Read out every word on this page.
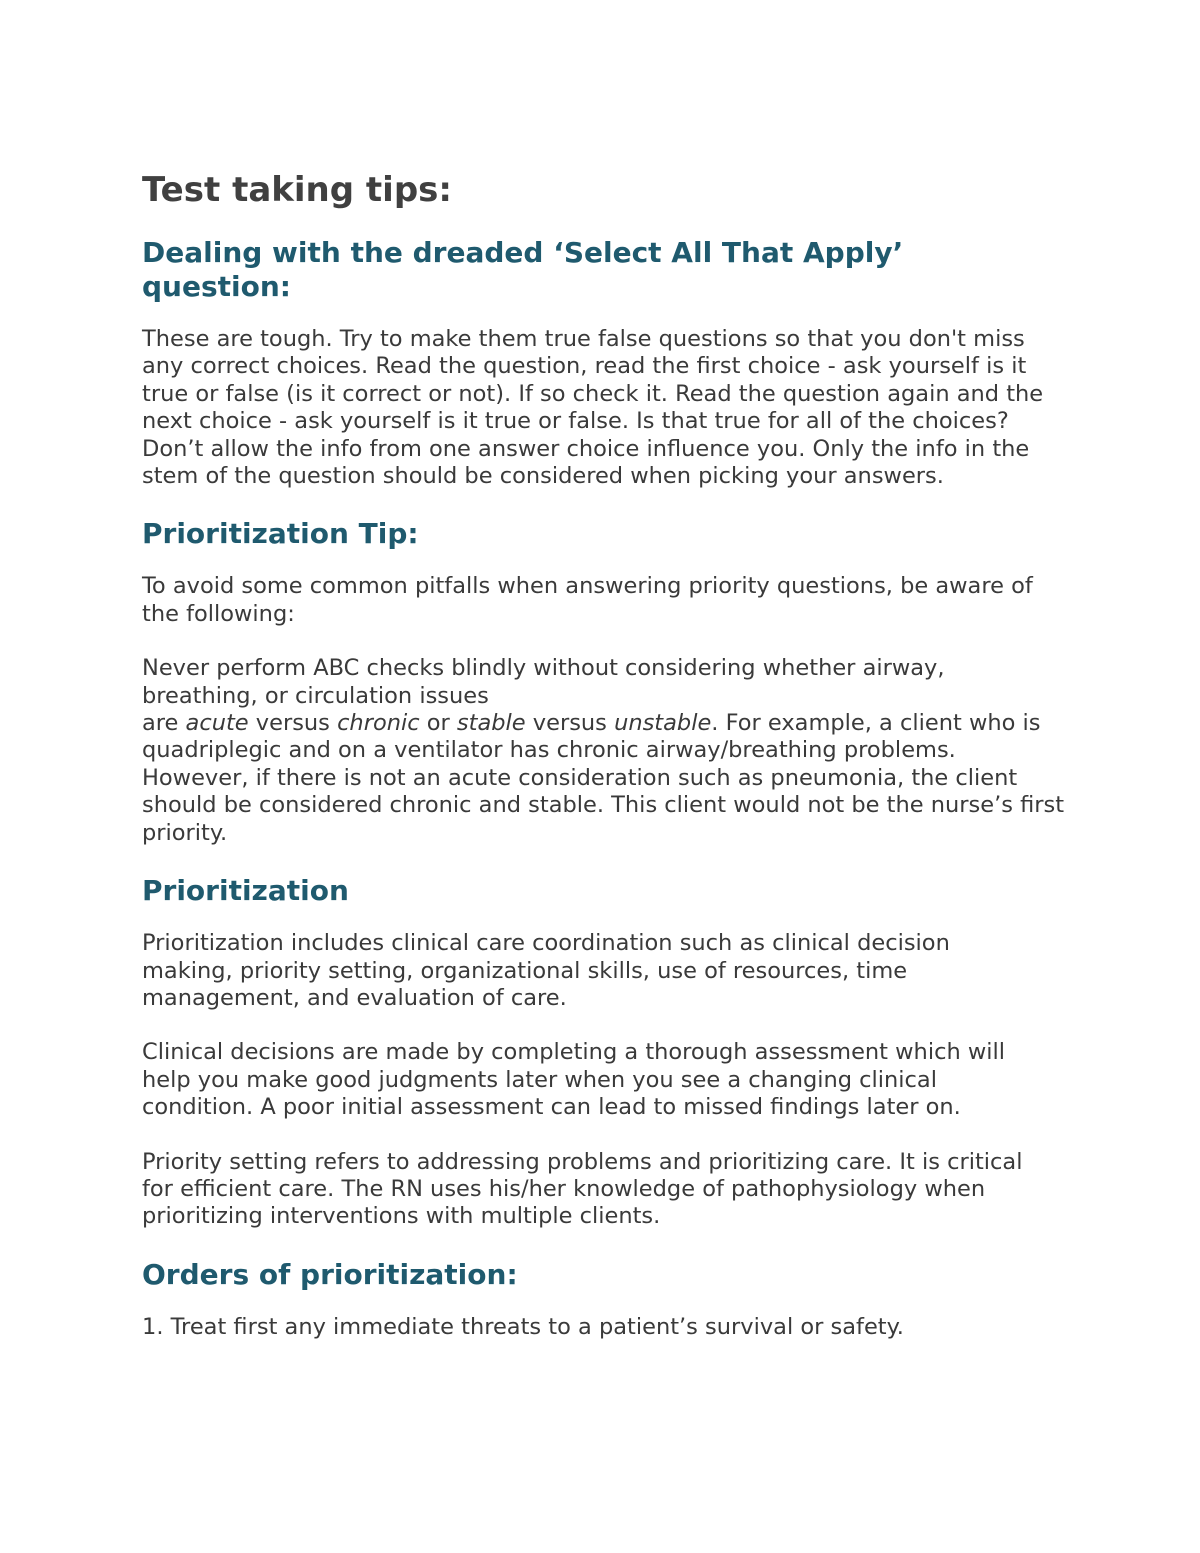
Test taking tips:
Dealing with the dreaded ‘Select All That Apply’ question:
These are tough. Try to make them true false questions so that you don't miss any correct choices. Read the question, read the first choice - ask yourself is it true or false (is it correct or not). If so check it. Read the question again and the next choice - ask yourself is it true or false. Is that true for all of the choices? Don’t allow the info from one answer choice influence you. Only the info in the stem of the question should be considered when picking your answers.
Prioritization Tip:
To avoid some common pitfalls when answering priority questions, be aware of the following:
Never perform ABC checks blindly without considering whether airway, breathing, or circulation issues
are acute versus chronic or stable versus unstable. For example, a client who is quadriplegic and on a ventilator has chronic airway/breathing problems. However, if there is not an acute consideration such as pneumonia, the client should be considered chronic and stable. This client would not be the nurse’s first priority.
Prioritization
Prioritization includes clinical care coordination such as clinical decision making, priority setting, organizational skills, use of resources, time management, and evaluation of care.
Clinical decisions are made by completing a thorough assessment which will help you make good judgments later when you see a changing clinical condition. A poor initial assessment can lead to missed findings later on.
Priority setting refers to addressing problems and prioritizing care. It is critical for efficient care. The RN uses his/her knowledge of pathophysiology when prioritizing interventions with multiple clients.
Orders of prioritization:
1. Treat first any immediate threats to a patient’s survival or safety.
